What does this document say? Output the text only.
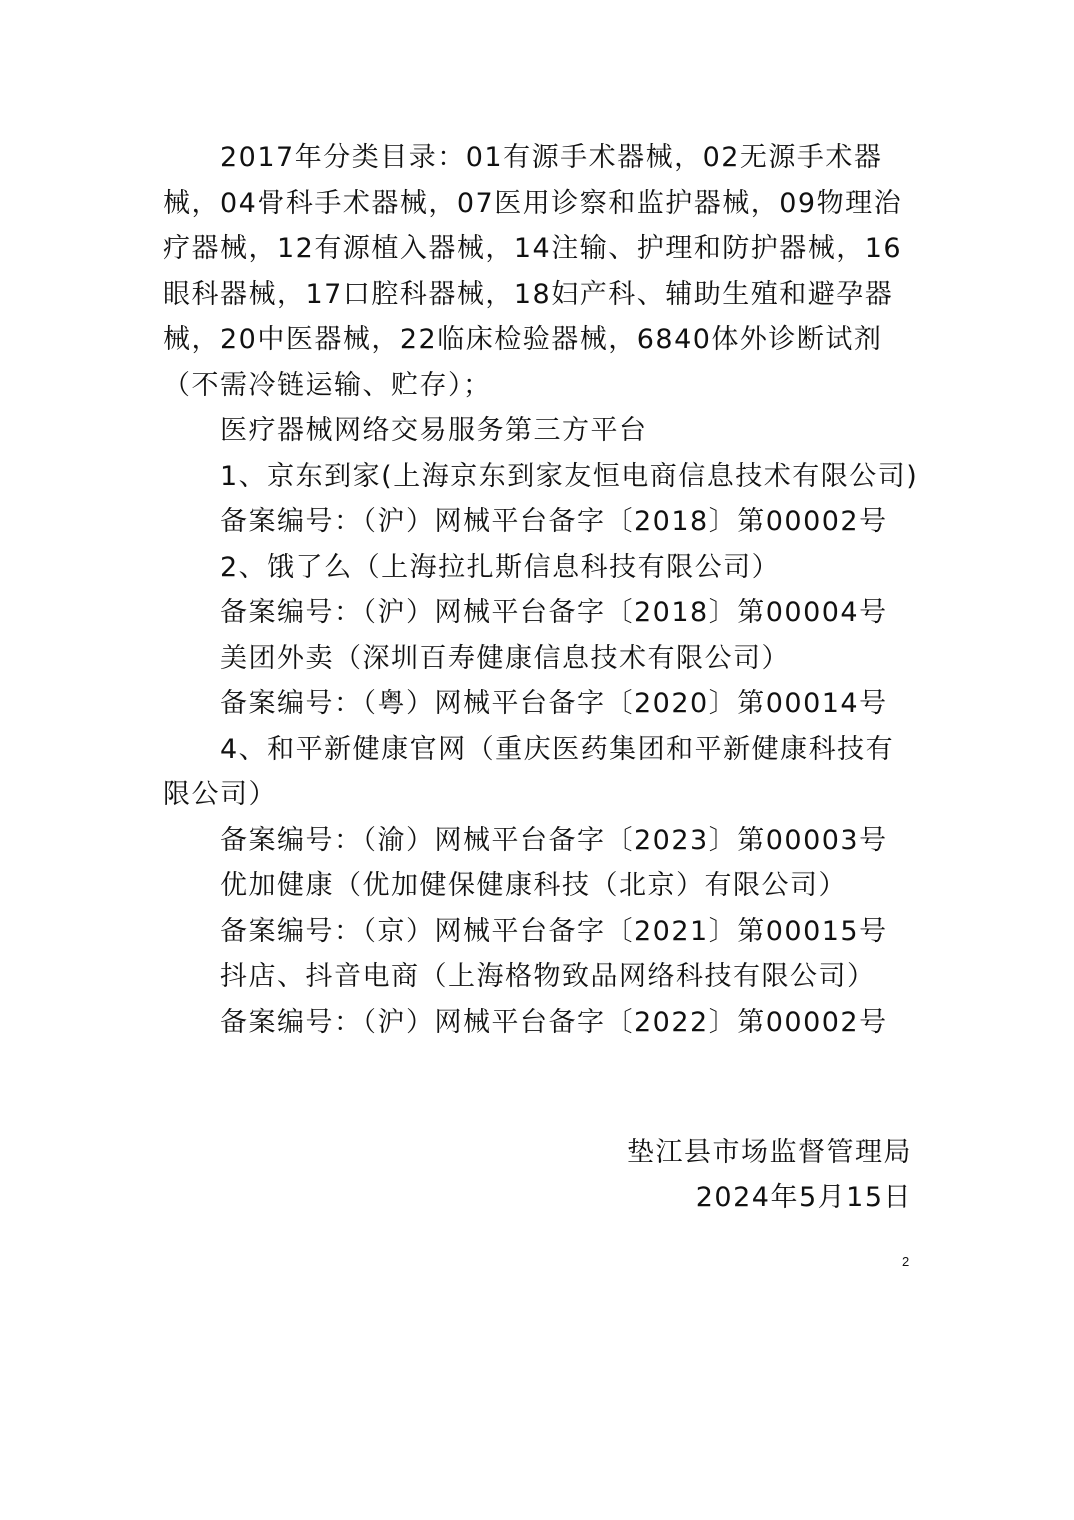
2017年分类目录：01有源手术器械，02无源手术器械，04骨科手术器械，07医用诊察和监护器械，09物理治疗器械，12有源植入器械，14注输、护理和防护器械，16眼科器械，17口腔科器械，18妇产科、辅助生殖和避孕器械，20中医器械，22临床检验器械，6840体外诊断试剂（不需冷链运输、贮存）；

医疗器械网络交易服务第三方平台

1、京东到家(上海京东到家友恒电商信息技术有限公司)

备案编号：（沪）网械平台备字〔2018〕第00002号

2、饿了么（上海拉扎斯信息科技有限公司）

备案编号：（沪）网械平台备字〔2018〕第00004号

美团外卖（深圳百寿健康信息技术有限公司）

备案编号：（粤）网械平台备字〔2020〕第00014号

4、和平新健康官网（重庆医药集团和平新健康科技有限公司）

备案编号：（渝）网械平台备字〔2023〕第00003号

优加健康（优加健保健康科技（北京）有限公司）

备案编号：（京）网械平台备字〔2021〕第00015号

抖店、抖音电商（上海格物致品网络科技有限公司）

备案编号：（沪）网械平台备字〔2022〕第00002号

垫江县市场监督管理局
2024年5月15日
2
